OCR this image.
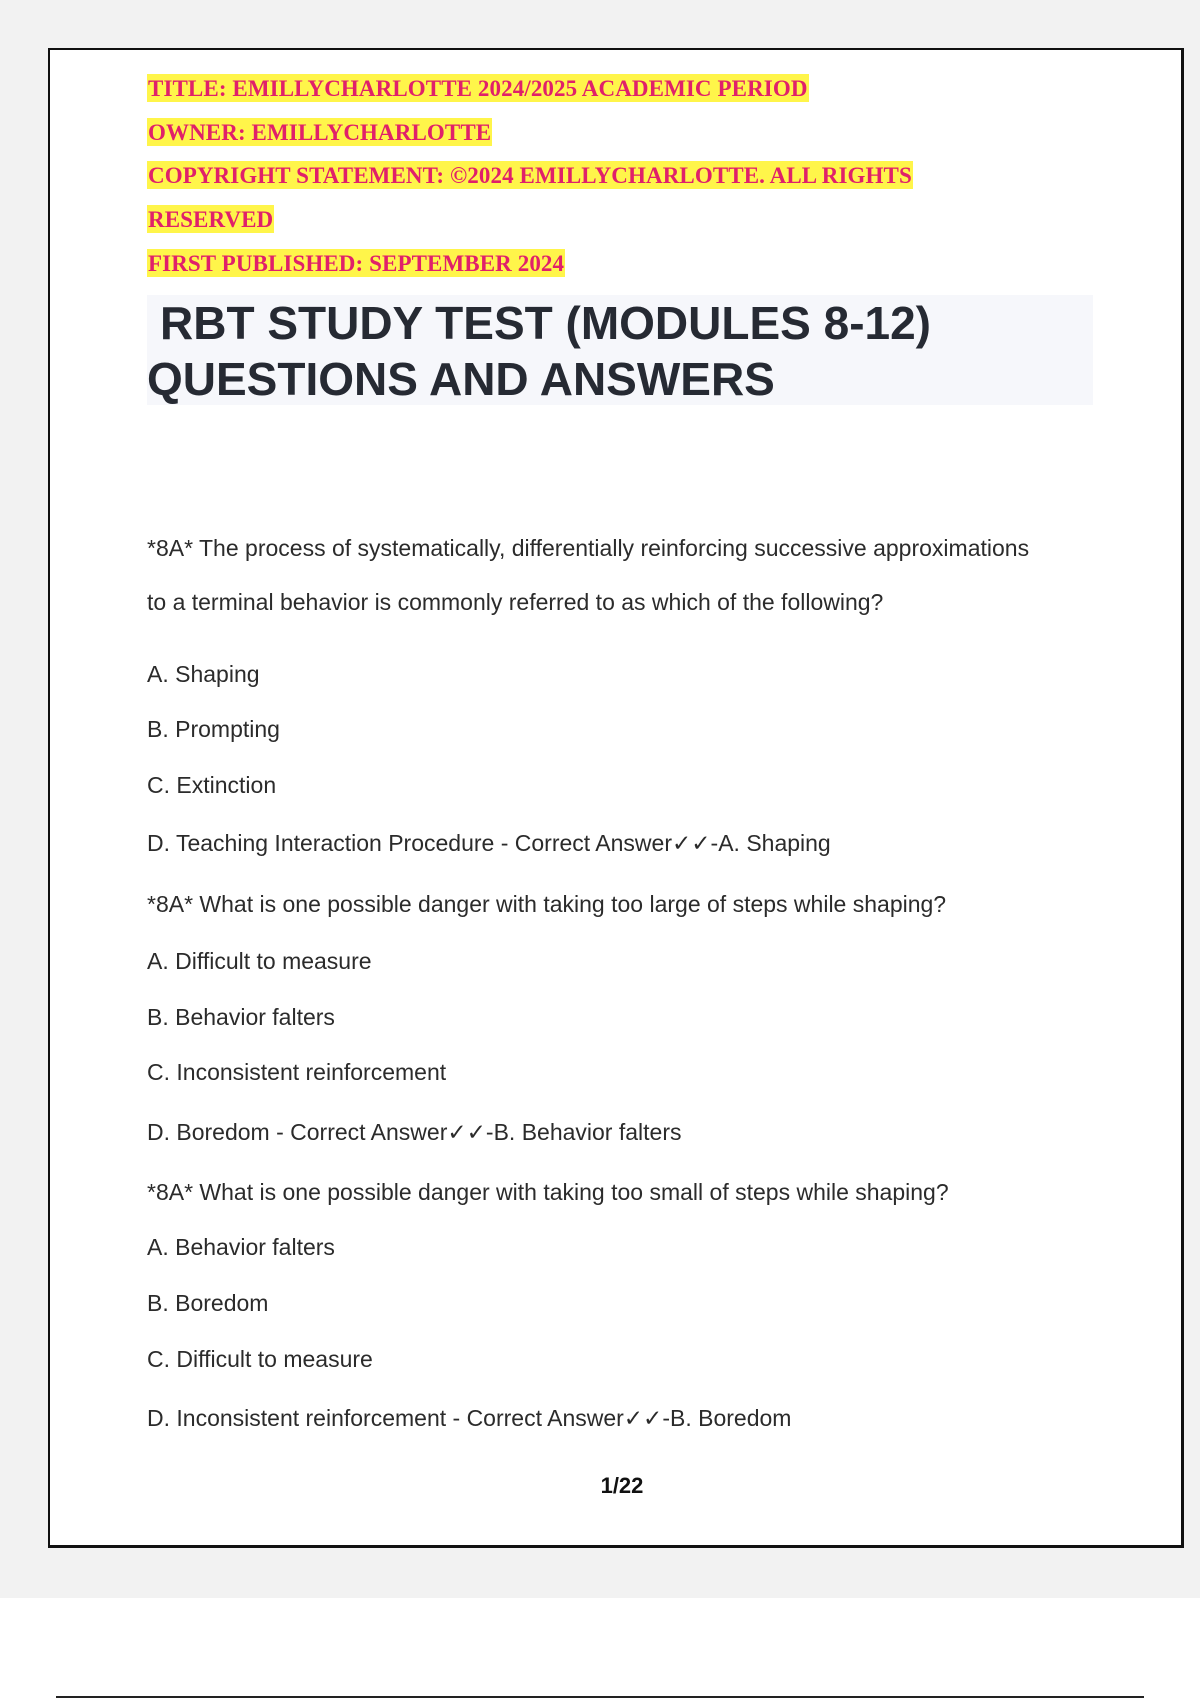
TITLE: EMILLYCHARLOTTE 2024/2025 ACADEMIC PERIOD
OWNER: EMILLYCHARLOTTE
COPYRIGHT STATEMENT: ©2024 EMILLYCHARLOTTE. ALL RIGHTS
RESERVED
FIRST PUBLISHED: SEPTEMBER 2024
RBT STUDY TEST (MODULES 8-12)
QUESTIONS AND ANSWERS
*8A* The process of systematically, differentially reinforcing successive approximations
to a terminal behavior is commonly referred to as which of the following?
A. Shaping
B. Prompting
C. Extinction
D. Teaching Interaction Procedure - Correct Answer✓✓-A. Shaping
*8A* What is one possible danger with taking too large of steps while shaping?
A. Difficult to measure
B. Behavior falters
C. Inconsistent reinforcement
D. Boredom - Correct Answer✓✓-B. Behavior falters
*8A* What is one possible danger with taking too small of steps while shaping?
A. Behavior falters
B. Boredom
C. Difficult to measure
D. Inconsistent reinforcement - Correct Answer✓✓-B. Boredom
1/22
